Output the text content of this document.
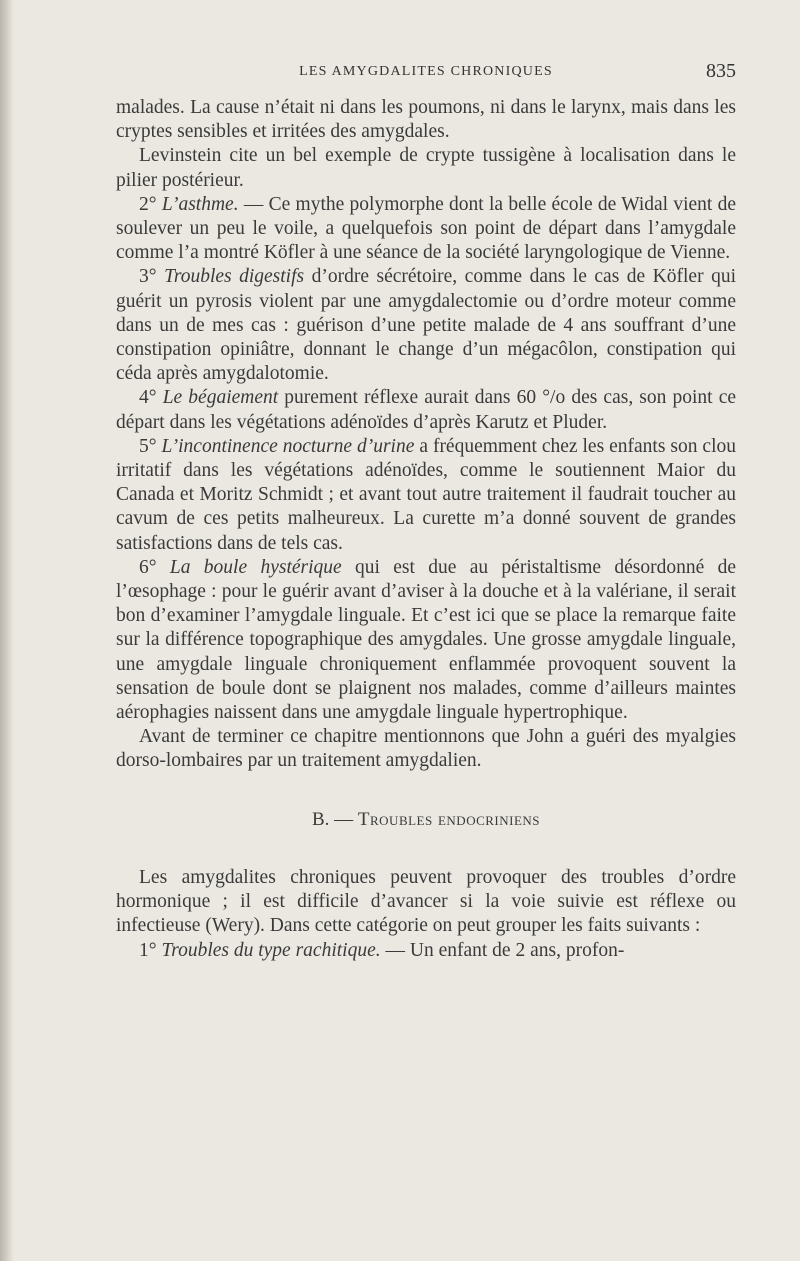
LES AMYGDALITES CHRONIQUES	835

malades. La cause n’était ni dans les poumons, ni dans le larynx, mais dans les cryptes sensibles et irritées des amygdales.

Levinstein cite un bel exemple de crypte tussigène à localisation dans le pilier postérieur.

2° L’asthme. — Ce mythe polymorphe dont la belle école de Widal vient de soulever un peu le voile, a quelquefois son point de départ dans l’amygdale comme l’a montré Köfler à une séance de la société laryngologique de Vienne.

3° Troubles digestifs d’ordre sécrétoire, comme dans le cas de Köfler qui guérit un pyrosis violent par une amygdalectomie ou d’ordre moteur comme dans un de mes cas : guérison d’une petite malade de 4 ans souffrant d’une constipation opiniâtre, donnant le change d’un mégacôlon, constipation qui céda après amygdalotomie.

4° Le bégaiement purement réflexe aurait dans 60 °/o des cas, son point ce départ dans les végétations adénoïdes d’après Karutz et Pluder.

5° L’incontinence nocturne d’urine a fréquemment chez les enfants son clou irritatif dans les végétations adénoïdes, comme le soutiennent Maior du Canada et Moritz Schmidt ; et avant tout autre traitement il faudrait toucher au cavum de ces petits malheureux. La curette m’a donné souvent de grandes satisfactions dans de tels cas.

6° La boule hystérique qui est due au péristaltisme désordonné de l’œsophage : pour le guérir avant d’aviser à la douche et à la valériane, il serait bon d’examiner l’amygdale linguale. Et c’est ici que se place la remarque faite sur la différence topographique des amygdales. Une grosse amygdale linguale, une amygdale linguale chroniquement enflammée provoquent souvent la sensation de boule dont se plaignent nos malades, comme d’ailleurs maintes aérophagies naissent dans une amygdale linguale hypertrophique.

Avant de terminer ce chapitre mentionnons que John a guéri des myalgies dorso-lombaires par un traitement amygdalien.

B. — Troubles endocriniens

Les amygdalites chroniques peuvent provoquer des troubles d’ordre hormonique ; il est difficile d’avancer si la voie suivie est réflexe ou infectieuse (Wery). Dans cette catégorie on peut grouper les faits suivants :

1° Troubles du type rachitique. — Un enfant de 2 ans, profon-
